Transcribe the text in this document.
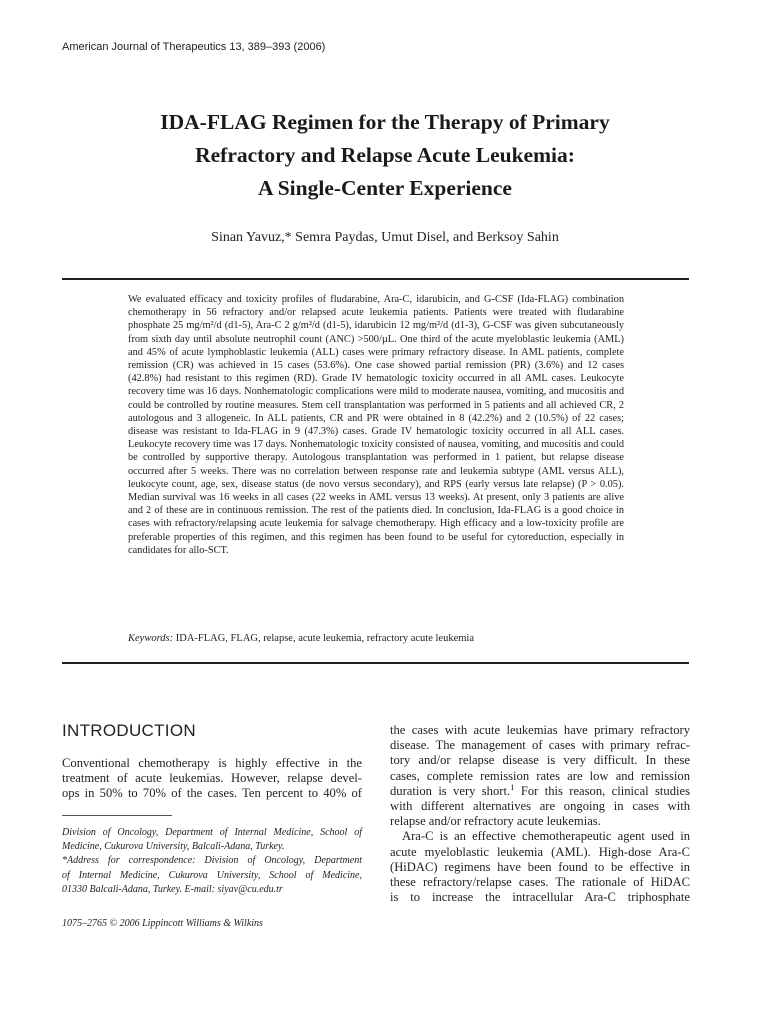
American Journal of Therapeutics 13, 389–393 (2006)
IDA-FLAG Regimen for the Therapy of Primary
Refractory and Relapse Acute Leukemia:
A Single-Center Experience
Sinan Yavuz,* Semra Paydas, Umut Disel, and Berksoy Sahin
We evaluated efficacy and toxicity profiles of fludarabine, Ara-C, idarubicin, and G-CSF (Ida-FLAG) combination chemotherapy in 56 refractory and/or relapsed acute leukemia patients. Patients were treated with fludarabine phosphate 25 mg/m²/d (d1-5), Ara-C 2 g/m²/d (d1-5), idarubicin 12 mg/m²/d (d1-3), G-CSF was given subcutaneously from sixth day until absolute neutrophil count (ANC) >500/µL. One third of the acute myeloblastic leukemia (AML) and 45% of acute lymphoblastic leukemia (ALL) cases were primary refractory disease. In AML patients, complete remission (CR) was achieved in 15 cases (53.6%). One case showed partial remission (PR) (3.6%) and 12 cases (42.8%) had resistant to this regimen (RD). Grade IV hematologic toxicity occurred in all AML cases. Leukocyte recovery time was 16 days. Nonhematologic complications were mild to moderate nausea, vomiting, and mucositis and could be controlled by routine measures. Stem cell transplantation was performed in 5 patients and all achieved CR, 2 autologous and 3 allogeneic. In ALL patients, CR and PR were obtained in 8 (42.2%) and 2 (10.5%) of 22 cases; disease was resistant to Ida-FLAG in 9 (47.3%) cases. Grade IV hematologic toxicity occurred in all ALL cases. Leukocyte recovery time was 17 days. Nonhematologic toxicity consisted of nausea, vomiting, and mucositis and could be controlled by supportive therapy. Autologous transplantation was performed in 1 patient, but relapse disease occurred after 5 weeks. There was no correlation between response rate and leukemia subtype (AML versus ALL), leukocyte count, age, sex, disease status (de novo versus secondary), and RPS (early versus late relapse) (P > 0.05). Median survival was 16 weeks in all cases (22 weeks in AML versus 13 weeks). At present, only 3 patients are alive and 2 of these are in continuous remission. The rest of the patients died. In conclusion, Ida-FLAG is a good choice in cases with refractory/relapsing acute leukemia for salvage chemotherapy. High efficacy and a low-toxicity profile are preferable properties of this regimen, and this regimen has been found to be useful for cytoreduction, especially in candidates for allo-SCT.
Keywords: IDA-FLAG, FLAG, relapse, acute leukemia, refractory acute leukemia
INTRODUCTION
Conventional chemotherapy is highly effective in the
treatment of acute leukemias. However, relapse devel-
ops in 50% to 70% of the cases. Ten percent to 40% of
Division of Oncology, Department of Internal Medicine, School of
Medicine, Cukurova University, Balcali-Adana, Turkey.
*Address for correspondence: Division of Oncology, Department
of Internal Medicine, Cukurova University, School of Medicine,
01330 Balcali-Adana, Turkey. E-mail: siyav@cu.edu.tr
1075–2765 © 2006 Lippincott Williams & Wilkins
the cases with acute leukemias have primary refractory
disease. The management of cases with primary refrac-
tory and/or relapse disease is very difficult. In these
cases, complete remission rates are low and remission
duration is very short.$^1$ For this reason, clinical studies
with different alternatives are ongoing in cases with
relapse and/or refractory acute leukemias.
Ara-C is an effective chemotherapeutic agent used in
acute myeloblastic leukemia (AML). High-dose Ara-C
(HiDAC) regimens have been found to be effective in
these refractory/relapse cases. The rationale of HiDAC
is to increase the intracellular Ara-C triphosphate
